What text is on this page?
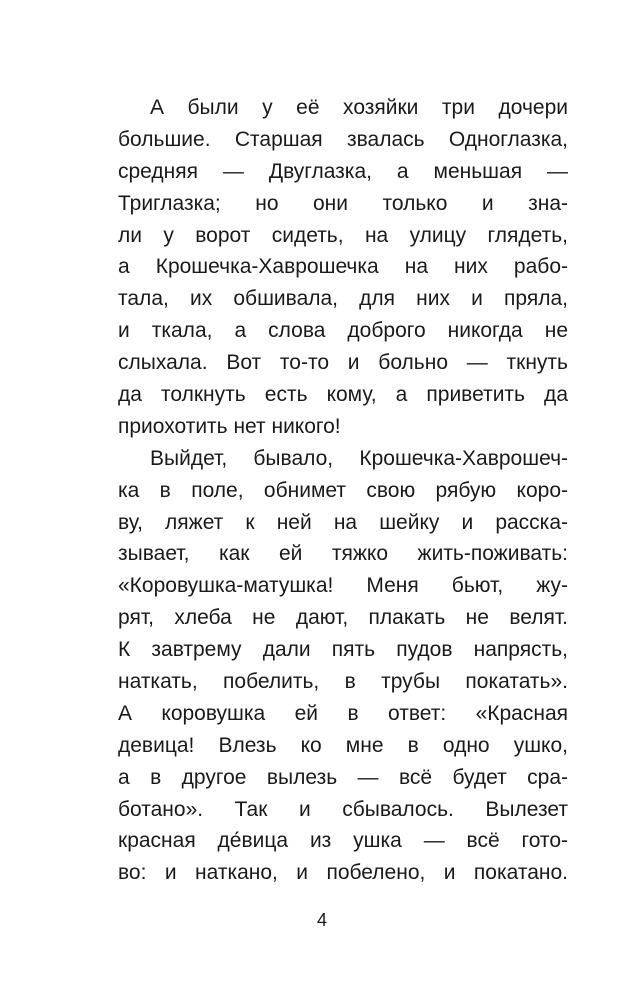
А были у её хозяйки три дочери
большие. Старшая звалась Одноглазка,
средняя — Двуглазка, а меньшая —
Триглазка; но они только и зна-
ли у ворот сидеть, на улицу глядеть,
а Крошечка-Хаврошечка на них рабо-
тала, их обшивала, для них и пряла,
и ткала, а слова доброго никогда не
слыхала. Вот то-то и больно — ткнуть
да толкнуть есть кому, а приветить да
приохотить нет никого!
Выйдет, бывало, Крошечка-Хаврошеч-
ка в поле, обнимет свою рябую коро-
ву, ляжет к ней на шейку и расска-
зывает, как ей тяжко жить-поживать:
«Коровушка-матушка! Меня бьют, жу-
рят, хлеба не дают, плакать не велят.
К завтрему дали пять пудов напрясть,
наткать, побелить, в трубы покатать».
А коровушка ей в ответ: «Красная
девица! Влезь ко мне в одно ушко,
а в другое вылезь — всё будет сра-
ботано». Так и сбывалось. Вылезет
красная де́вица из ушка — всё гото-
во: и наткано, и побелено, и покатано.
4
